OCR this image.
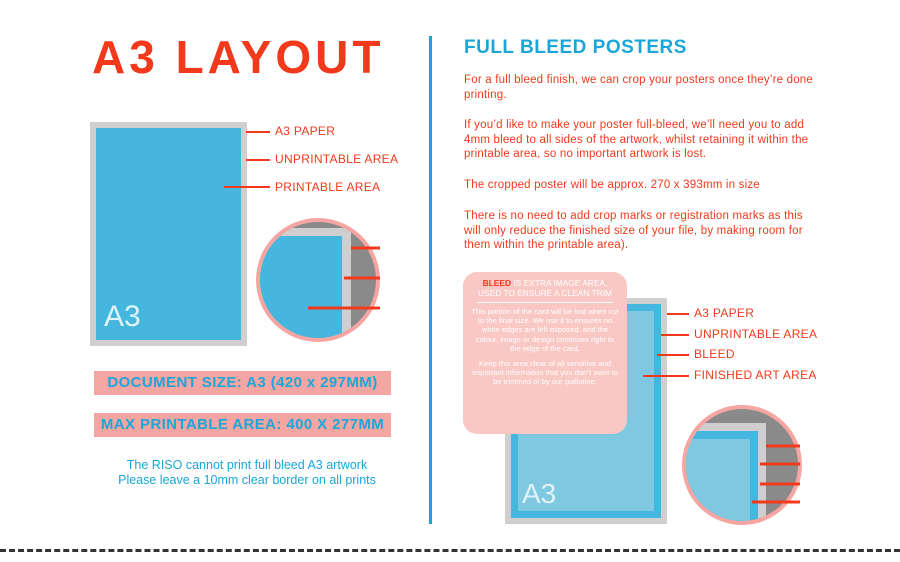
A3 LAYOUT
A3
A3 PAPER
UNPRINTABLE AREA
PRINTABLE AREA
DOCUMENT SIZE: A3 (420 x 297MM)
MAX PRINTABLE AREA: 400 X 277MM
The RISO cannot print full bleed A3 artwork
Please leave a 10mm clear border on all prints
FULL BLEED POSTERS
For a full bleed finish, we can crop your posters once they’re done printing.
If you’d like to make your poster full-bleed, we’ll need you to add 4mm bleed to all sides of the artwork, whilst retaining it within the printable area, so no important artwork is lost.
The cropped poster will be approx. 270 x 393mm in size
There is no need to add crop marks or registration marks as this will only reduce the finished size of your file, by making room for them within the printable area).
A3
BLEED IS EXTRA IMAGE AREA,
USED TO ENSURE A CLEAN TRIM

This portion of the card will be lost when cut to the final size. We use it to ensures no white edges are left exposed, and the colour, image or design continues right to the edge of the card.

Keep this area clear of all sensitive and important information that you don’t want to be trimmed of by our guillotine.

A3 PAPER
UNPRINTABLE AREA
BLEED
FINISHED ART AREA
